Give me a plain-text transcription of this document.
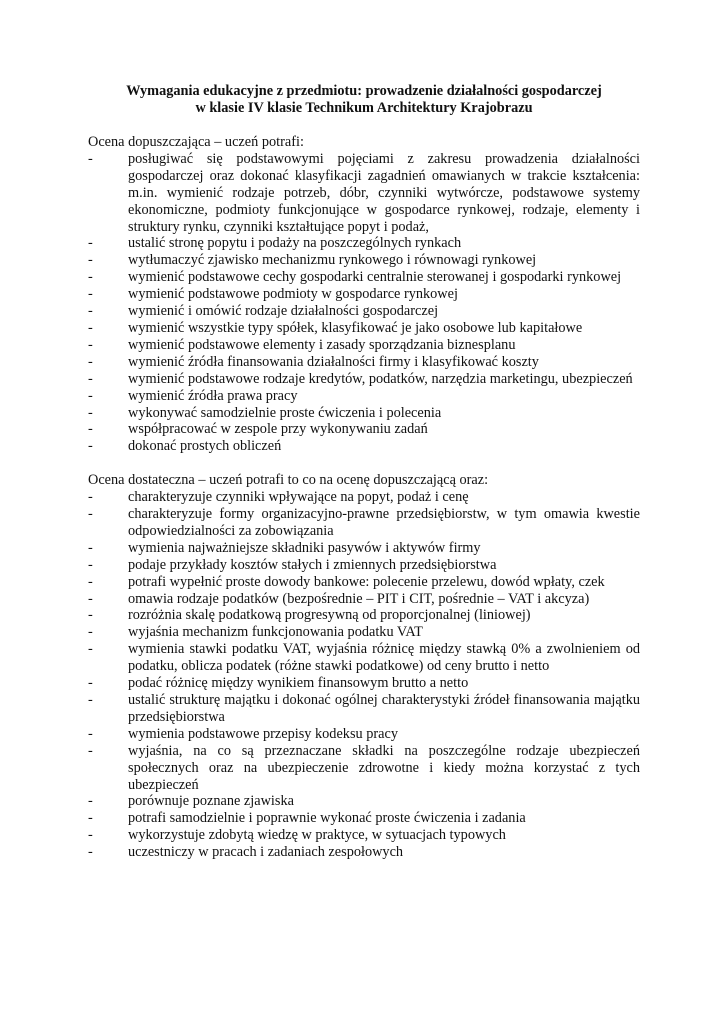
Wymagania edukacyjne z przedmiotu: prowadzenie działalności gospodarczej
w klasie IV klasie Technikum Architektury Krajobrazu

Ocena dopuszczająca – uczeń potrafi:

- posługiwać się podstawowymi pojęciami z zakresu prowadzenia działalności gospodarczej oraz dokonać klasyfikacji zagadnień omawianych w trakcie kształcenia: m.in. wymienić rodzaje potrzeb, dóbr, czynniki wytwórcze, podstawowe systemy ekonomiczne, podmioty funkcjonujące w gospodarce rynkowej, rodzaje, elementy i struktury rynku, czynniki kształtujące popyt i podaż,
- ustalić stronę popytu i podaży na poszczególnych rynkach
- wytłumaczyć zjawisko mechanizmu rynkowego i równowagi rynkowej
- wymienić podstawowe cechy gospodarki centralnie sterowanej i gospodarki rynkowej
- wymienić podstawowe podmioty w gospodarce rynkowej
- wymienić i omówić rodzaje działalności gospodarczej
- wymienić wszystkie typy spółek, klasyfikować je jako osobowe lub kapitałowe
- wymienić podstawowe elementy i zasady sporządzania biznesplanu
- wymienić źródła finansowania działalności firmy i klasyfikować koszty
- wymienić podstawowe rodzaje kredytów, podatków, narzędzia marketingu, ubezpieczeń
- wymienić źródła prawa pracy
- wykonywać samodzielnie proste ćwiczenia i polecenia
- współpracować w zespole przy wykonywaniu zadań
- dokonać prostych obliczeń

Ocena dostateczna – uczeń potrafi to co na ocenę dopuszczającą oraz:

- charakteryzuje czynniki wpływające na popyt, podaż i cenę
- charakteryzuje formy organizacyjno-prawne przedsiębiorstw, w tym omawia kwestie odpowiedzialności za zobowiązania
- wymienia najważniejsze składniki pasywów i aktywów firmy
- podaje przykłady kosztów stałych i zmiennych przedsiębiorstwa
- potrafi wypełnić proste dowody bankowe: polecenie przelewu, dowód wpłaty, czek
- omawia rodzaje podatków (bezpośrednie – PIT i CIT, pośrednie – VAT i akcyza)
- rozróżnia skalę podatkową progresywną od proporcjonalnej (liniowej)
- wyjaśnia mechanizm funkcjonowania podatku VAT
- wymienia stawki podatku VAT, wyjaśnia różnicę między stawką 0% a zwolnieniem od podatku, oblicza podatek (różne stawki podatkowe) od ceny brutto i netto
- podać różnicę między wynikiem finansowym brutto a netto
- ustalić strukturę majątku i dokonać ogólnej charakterystyki źródeł finansowania majątku przedsiębiorstwa
- wymienia podstawowe przepisy kodeksu pracy
- wyjaśnia, na co są przeznaczane składki na poszczególne rodzaje ubezpieczeń społecznych oraz na ubezpieczenie zdrowotne i kiedy można korzystać z tych ubezpieczeń
- porównuje poznane zjawiska
- potrafi samodzielnie i poprawnie wykonać proste ćwiczenia i zadania
- wykorzystuje zdobytą wiedzę w praktyce, w sytuacjach typowych
- uczestniczy w pracach i zadaniach zespołowych
